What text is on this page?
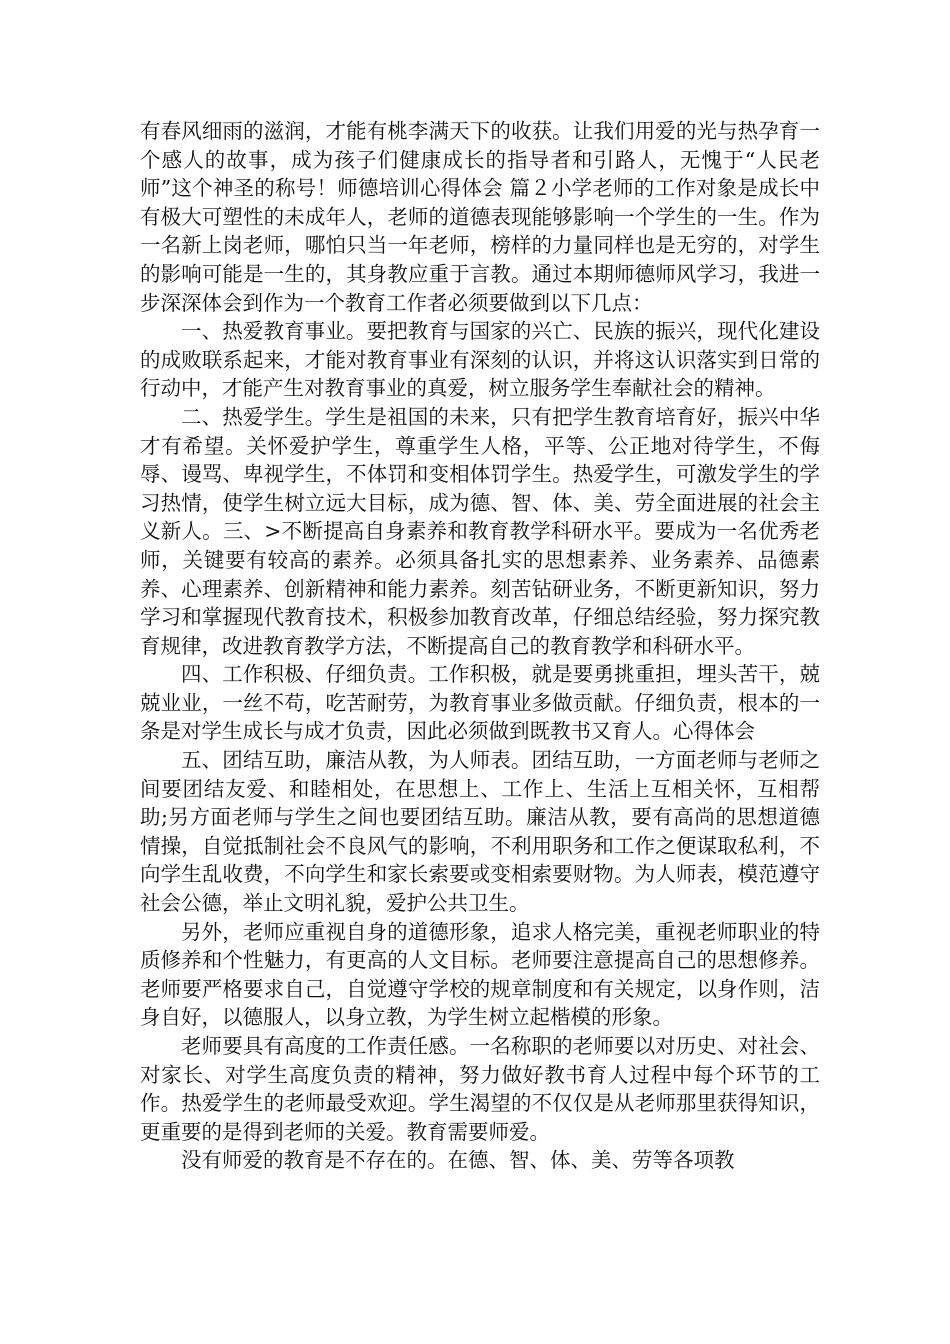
有春风细雨的滋润，才能有桃李满天下的收获。让我们用爱的光与热孕育一个感人的故事，成为孩子们健康成长的指导者和引路人，无愧于“人民老师”这个神圣的称号！师德培训心得体会 篇２小学老师的工作对象是成长中有极大可塑性的未成年人，老师的道德表现能够影响一个学生的一生。作为一名新上岗老师，哪怕只当一年老师，榜样的力量同样也是无穷的，对学生的影响可能是一生的，其身教应重于言教。通过本期师德师风学习，我进一步深深体会到作为一个教育工作者必须要做到以下几点：

一、热爱教育事业。要把教育与国家的兴亡、民族的振兴，现代化建设的成败联系起来，才能对教育事业有深刻的认识，并将这认识落实到日常的行动中，才能产生对教育事业的真爱，树立服务学生奉献社会的精神。

二、热爱学生。学生是祖国的未来，只有把学生教育培育好，振兴中华才有希望。关怀爱护学生，尊重学生人格，平等、公正地对待学生，不侮辱、谩骂、卑视学生，不体罚和变相体罚学生。热爱学生，可激发学生的学习热情，使学生树立远大目标，成为德、智、体、美、劳全面进展的社会主义新人。三、>不断提高自身素养和教育教学科研水平。要成为一名优秀老师，关键要有较高的素养。必须具备扎实的思想素养、业务素养、品德素养、心理素养、创新精神和能力素养。刻苦钻研业务，不断更新知识，努力学习和掌握现代教育技术，积极参加教育改革，仔细总结经验，努力探究教育规律，改进教育教学方法，不断提高自己的教育教学和科研水平。

四、工作积极、仔细负责。工作积极，就是要勇挑重担，埋头苦干，兢兢业业，一丝不苟，吃苦耐劳，为教育事业多做贡献。仔细负责，根本的一条是对学生成长与成才负责，因此必须做到既教书又育人。心得体会

五、团结互助，廉洁从教，为人师表。团结互助，一方面老师与老师之间要团结友爱、和睦相处，在思想上、工作上、生活上互相关怀，互相帮助;另方面老师与学生之间也要团结互助。廉洁从教，要有高尚的思想道德情操，自觉抵制社会不良风气的影响，不利用职务和工作之便谋取私利，不向学生乱收费，不向学生和家长索要或变相索要财物。为人师表，模范遵守社会公德，举止文明礼貌，爱护公共卫生。

另外，老师应重视自身的道德形象，追求人格完美，重视老师职业的特质修养和个性魅力，有更高的人文目标。老师要注意提高自己的思想修养。老师要严格要求自己，自觉遵守学校的规章制度和有关规定，以身作则，洁身自好，以德服人，以身立教，为学生树立起楷模的形象。

老师要具有高度的工作责任感。一名称职的老师要以对历史、对社会、对家长、对学生高度负责的精神，努力做好教书育人过程中每个环节的工作。热爱学生的老师最受欢迎。学生渴望的不仅仅是从老师那里获得知识，更重要的是得到老师的关爱。教育需要师爱。

没有师爱的教育是不存在的。在德、智、体、美、劳等各项教
